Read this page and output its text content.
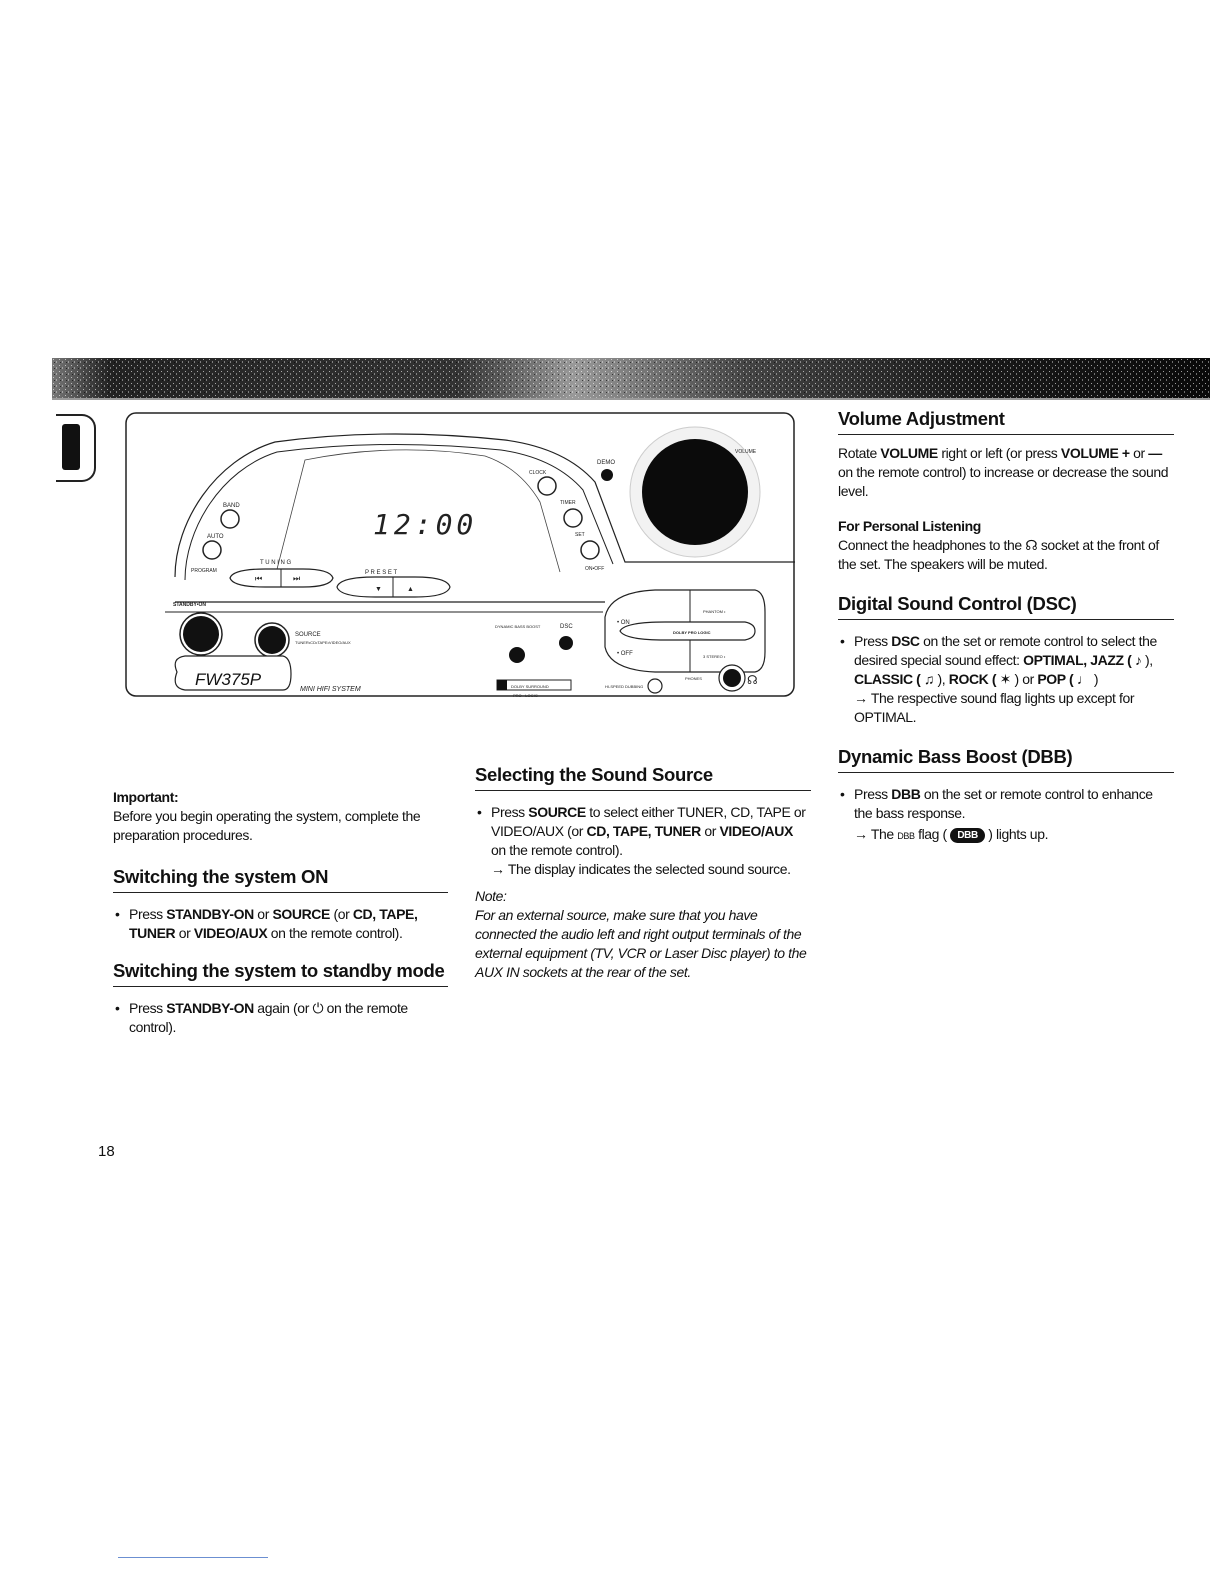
12:00
BAND
AUTO
PROGRAM
T U N I N G
⏮	⏭
P R E S E T
▼	▲
DEMO
CLOCK
TIMER
SET
ON•OFF
VOLUME
STANDBY•ON
SOURCE
TUNER•CD•TAPE•VIDEO/AUX
DYNAMIC BASS BOOST	DSC
• ON
• OFF
PHANTOM •
DOLBY PRO LOGIC
3 STEREO •
FW375P
MINI HIFI SYSTEM	DOLBY SURROUND
PRO • LOGIC
HI-SPEED DUBBING
PHONES	☊

Important:

Before you begin operating the system, complete the preparation procedures.

Switching the system ON
• Press STANDBY-ON or SOURCE (or CD, TAPE, TUNER or VIDEO/AUX on the remote control).
Switching the system to standby mode
• Press STANDBY-ON again (or ⏻ on the remote control).
Selecting the Sound Source
• Press SOURCE to select either TUNER, CD, TAPE or VIDEO/AUX (or CD, TAPE, TUNER or VIDEO/AUX on the remote control).

→ The display indicates the selected sound source.

Note:

For an external source, make sure that you have connected the audio left and right output terminals of the external equipment (TV, VCR or Laser Disc player) to the AUX IN sockets at the rear of the set.

Volume Adjustment

Rotate VOLUME right or left (or press VOLUME + or — on the remote control) to increase or decrease the sound level.

For Personal Listening

Connect the headphones to the ☊ socket at the front of the set. The speakers will be muted.

Digital Sound Control (DSC)
• Press DSC on the set or remote control to select the desired special sound effect: OPTIMAL, JAZZ ( ♪ ), CLASSIC ( ♫ ), ROCK ( ✶ ) or POP ( ♩ )

→ The respective sound flag lights up except for OPTIMAL.

Dynamic Bass Boost (DBB)
• Press DBB on the set or remote control to enhance the bass response.

→ The DBB flag ( DBB ) lights up.

18
